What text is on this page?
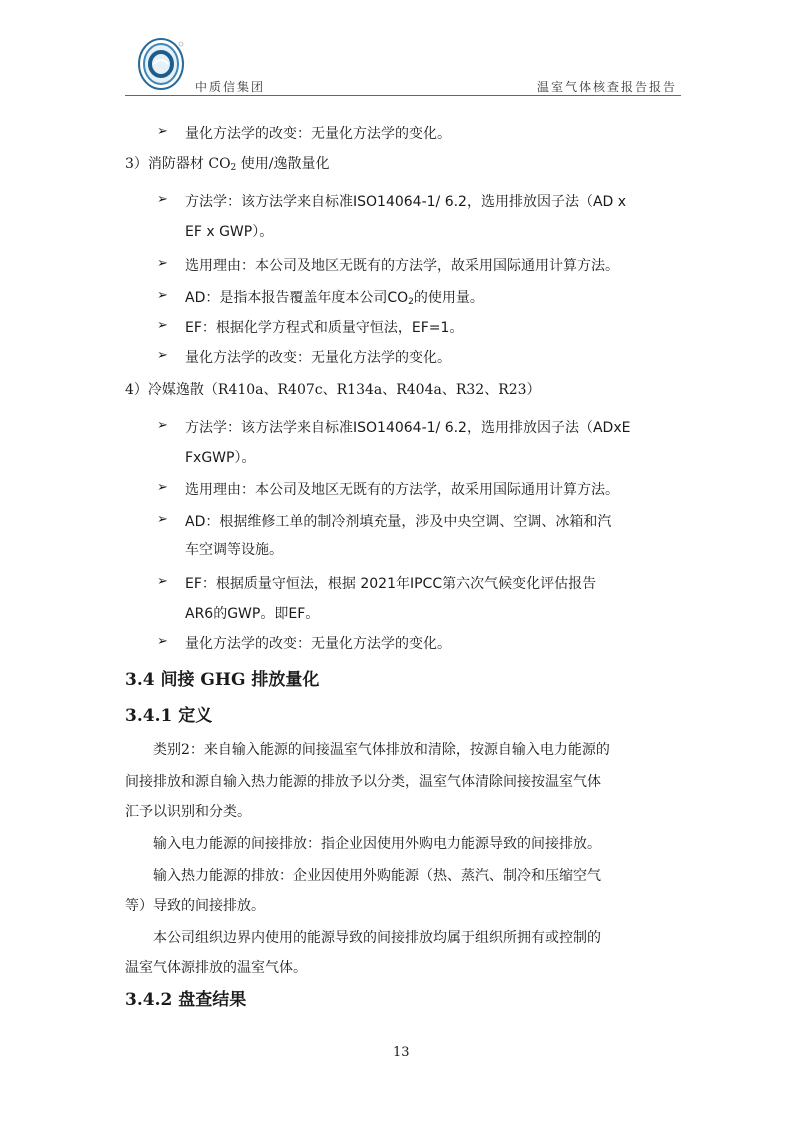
中质信集团	温室气体核查报告报告
➢ 量化方法学的改变：无量化方法学的变化。
3）消防器材 $CO_2$ 使用/逸散量化
➢ 方法学：该方法学来自标准ISO14064-1/ 6.2，选用排放因子法（AD x
EF x GWP）。
➢ 选用理由：本公司及地区无既有的方法学，故采用国际通用计算方法。
➢ AD：是指本报告覆盖年度本公司$CO_2$的使用量。
➢ EF：根据化学方程式和质量守恒法，EF=1。
➢ 量化方法学的改变：无量化方法学的变化。
4）冷媒逸散（R410a、R407c、R134a、R404a、R32、R23）
➢ 方法学：该方法学来自标准ISO14064-1/ 6.2，选用排放因子法（ADxE
FxGWP）。
➢ 选用理由：本公司及地区无既有的方法学，故采用国际通用计算方法。
➢ AD：根据维修工单的制冷剂填充量，涉及中央空调、空调、冰箱和汽
车空调等设施。
➢ EF：根据质量守恒法，根据 2021年IPCC第六次气候变化评估报告
AR6的GWP。即EF。
➢ 量化方法学的改变：无量化方法学的变化。
3.4 间接 GHG 排放量化
3.4.1 定义
类别2：来自输入能源的间接温室气体排放和清除，按源自输入电力能源的
间接排放和源自输入热力能源的排放予以分类，温室气体清除间接按温室气体
汇予以识别和分类。
输入电力能源的间接排放：指企业因使用外购电力能源导致的间接排放。
输入热力能源的排放：企业因使用外购能源（热、蒸汽、制冷和压缩空气
等）导致的间接排放。
本公司组织边界内使用的能源导致的间接排放均属于组织所拥有或控制的
温室气体源排放的温室气体。
3.4.2 盘查结果
13
